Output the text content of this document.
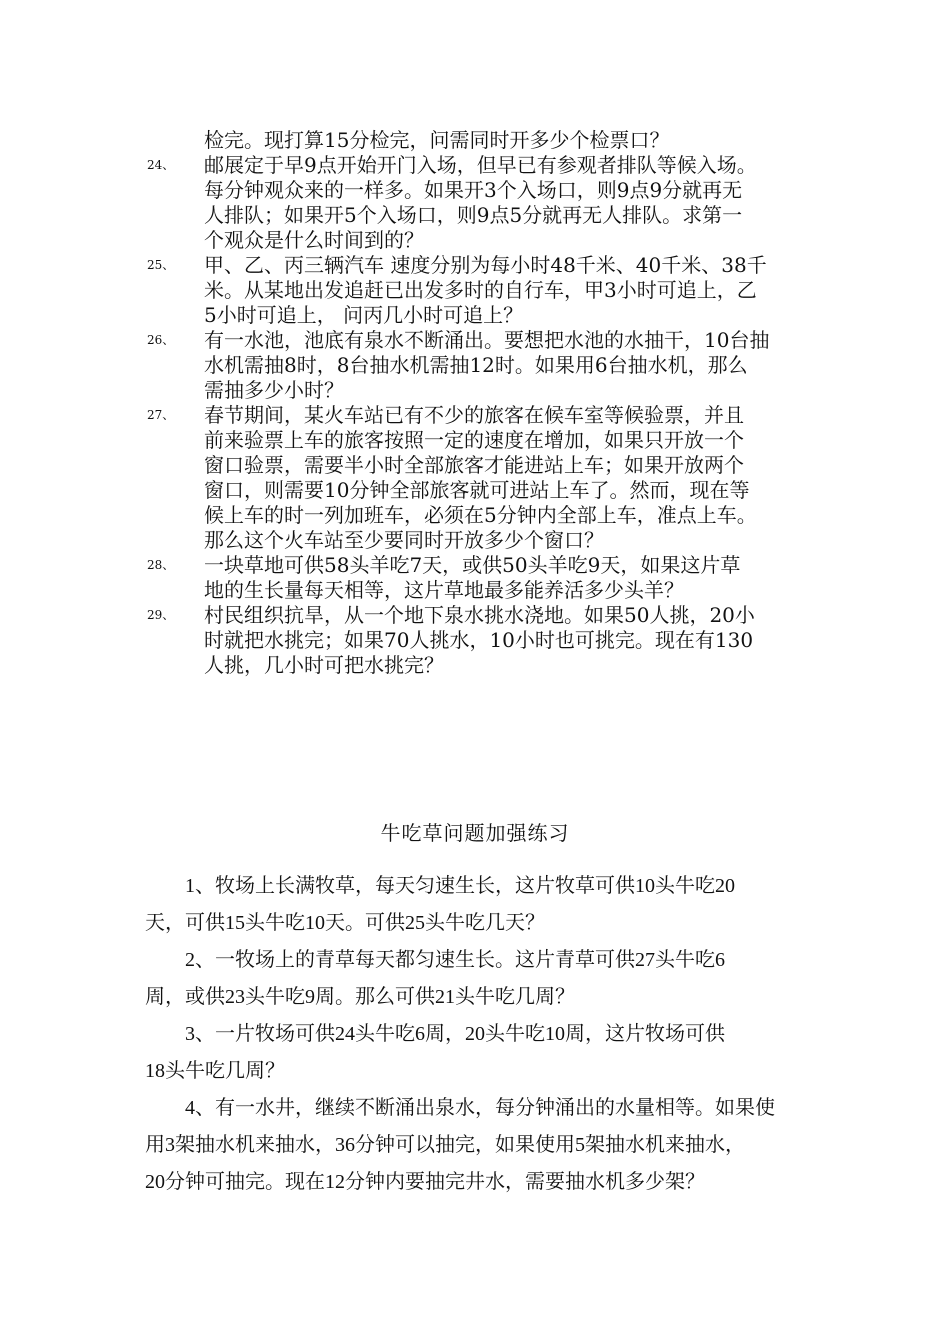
检完。现打算15分检完，问需同时开多少个检票口？
24、 邮展定于早9点开始开门入场，但早已有参观者排队等候入场。
每分钟观众来的一样多。如果开3个入场口，则9点9分就再无
人排队；如果开5个入场口，则9点5分就再无人排队。求第一
个观众是什么时间到的？
25、 甲、乙、丙三辆汽车 速度分别为每小时48千米、40千米、38千
米。从某地出发追赶已出发多时的自行车，甲3小时可追上，乙
5小时可追上， 问丙几小时可追上？
26、 有一水池，池底有泉水不断涌出。要想把水池的水抽干，10台抽
水机需抽8时，8台抽水机需抽12时。如果用6台抽水机，那么
需抽多少小时？
27、 春节期间，某火车站已有不少的旅客在候车室等候验票，并且
前来验票上车的旅客按照一定的速度在增加，如果只开放一个
窗口验票，需要半小时全部旅客才能进站上车；如果开放两个
窗口，则需要10分钟全部旅客就可进站上车了。然而，现在等
候上车的时一列加班车，必须在5分钟内全部上车，准点上车。
那么这个火车站至少要同时开放多少个窗口？
28、 一块草地可供58头羊吃7天，或供50头羊吃9天，如果这片草
地的生长量每天相等，这片草地最多能养活多少头羊？
29、 村民组织抗旱，从一个地下泉水挑水浇地。如果50人挑，20小
时就把水挑完；如果70人挑水，10小时也可挑完。现在有130
人挑，几小时可把水挑完？
牛吃草问题加强练习

1、牧场上长满牧草，每天匀速生长，这片牧草可供10头牛吃20
天，可供15头牛吃10天。可供25头牛吃几天？

2、一牧场上的青草每天都匀速生长。这片青草可供27头牛吃6
周，或供23头牛吃9周。那么可供21头牛吃几周？

3、一片牧场可供24头牛吃6周，20头牛吃10周，这片牧场可供
18头牛吃几周？

4、有一水井，继续不断涌出泉水，每分钟涌出的水量相等。如果使
用3架抽水机来抽水，36分钟可以抽完，如果使用5架抽水机来抽水，
20分钟可抽完。现在12分钟内要抽完井水，需要抽水机多少架？
